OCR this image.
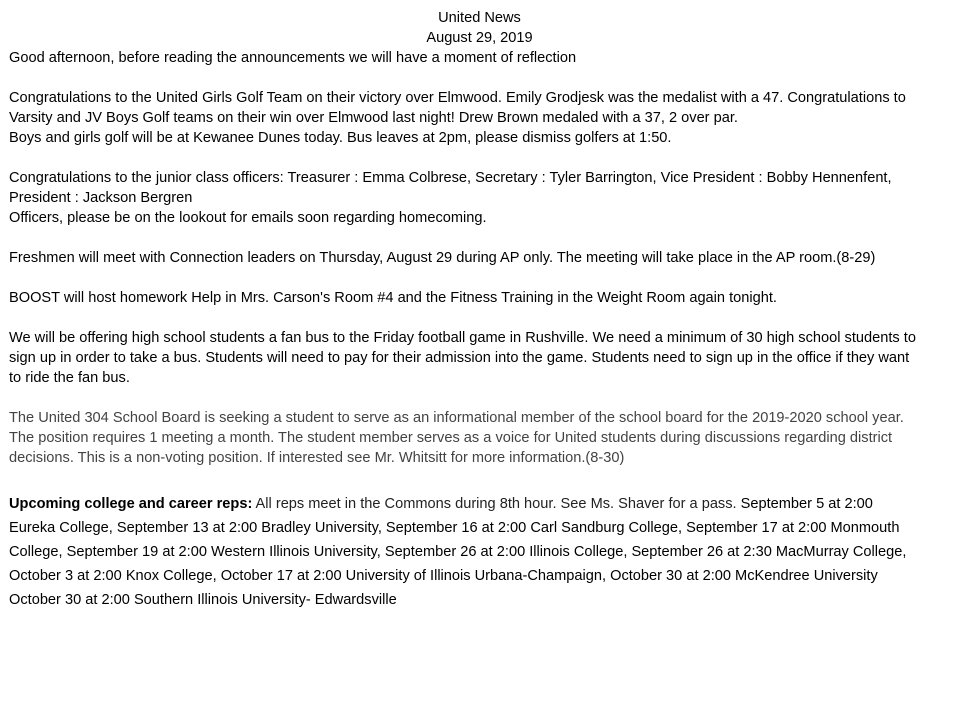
United News

August 29, 2019

Good afternoon, before reading the announcements we will have a moment of reflection

Congratulations to the United Girls Golf Team on their victory over Elmwood. Emily Grodjesk was the medalist with a 47. Congratulations to

Varsity and JV Boys Golf teams on their win over Elmwood last night! Drew Brown medaled with a 37, 2 over par.

Boys and girls golf will be at Kewanee Dunes today. Bus leaves at 2pm, please dismiss golfers at 1:50.

Congratulations to the junior class officers: Treasurer : Emma Colbrese, Secretary : Tyler Barrington, Vice President : Bobby Hennenfent,

President : Jackson Bergren

Officers, please be on the lookout for emails soon regarding homecoming.

Freshmen will meet with Connection leaders on Thursday, August 29 during AP only. The meeting will take place in the AP room.(8-29)

BOOST will host homework Help in Mrs. Carson's Room #4 and the Fitness Training in the Weight Room again tonight.

We will be offering high school students a fan bus to the Friday football game in Rushville. We need a minimum of 30 high school students to

sign up in order to take a bus. Students will need to pay for their admission into the game. Students need to sign up in the office if they want

to ride the fan bus.

The United 304 School Board is seeking a student to serve as an informational member of the school board for the 2019-2020 school year.

The position requires 1 meeting a month. The student member serves as a voice for United students during discussions regarding district

decisions. This is a non-voting position. If interested see Mr. Whitsitt for more information.(8-30)

Upcoming college and career reps: All reps meet in the Commons during 8th hour. See Ms. Shaver for a pass. September 5 at 2:00

Eureka College, September 13 at 2:00 Bradley University, September 16 at 2:00 Carl Sandburg College, September 17 at 2:00 Monmouth

College, September 19 at 2:00 Western Illinois University, September 26 at 2:00 Illinois College, September 26 at 2:30 MacMurray College,

October 3 at 2:00 Knox College, October 17 at 2:00 University of Illinois Urbana-Champaign, October 30 at 2:00 McKendree University

October 30 at 2:00 Southern Illinois University- Edwardsville
